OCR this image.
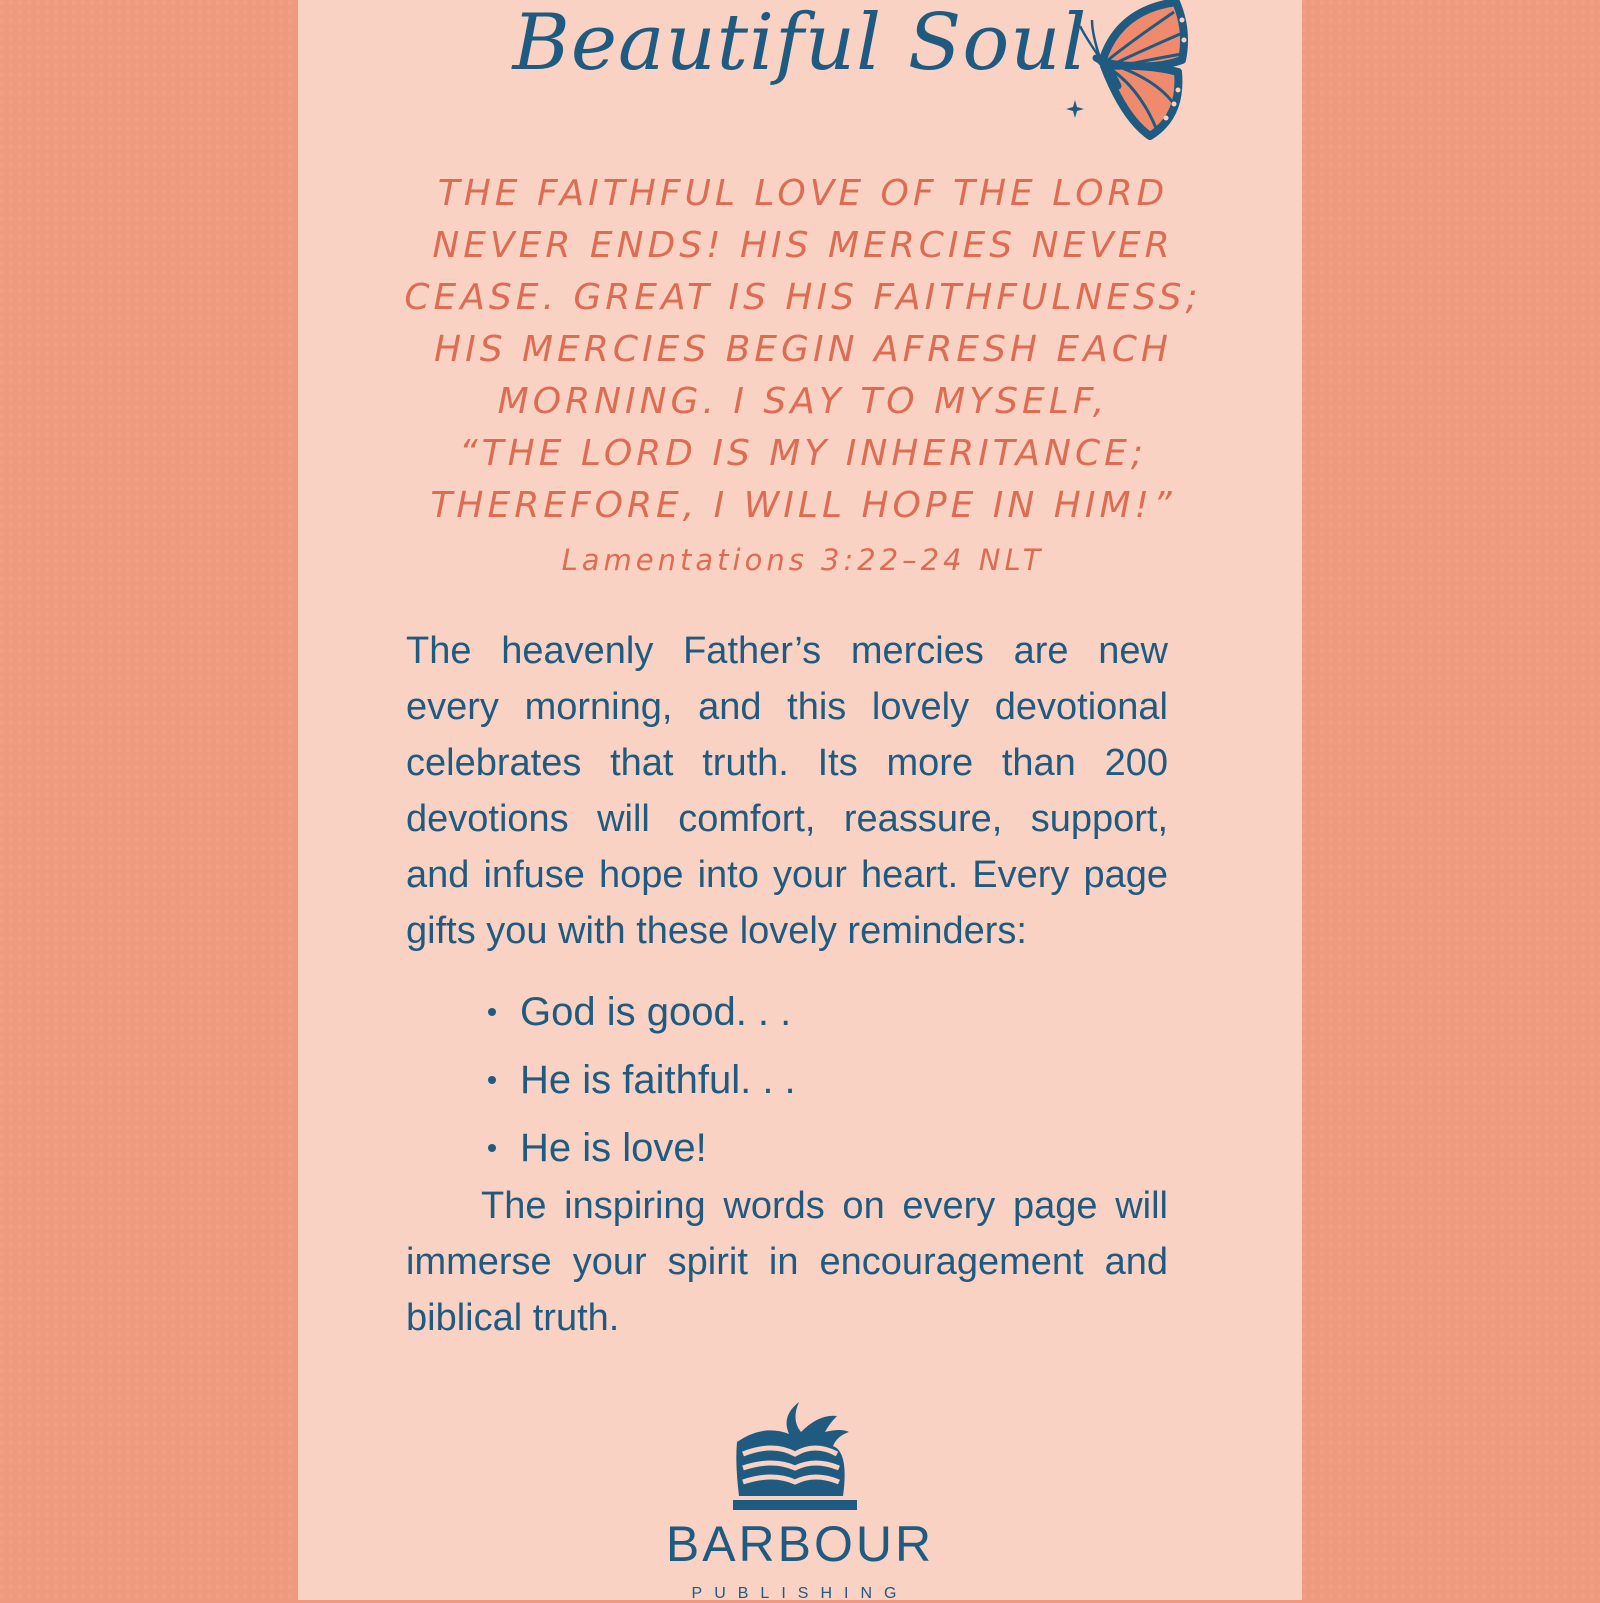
Beautiful Soul
THE FAITHFUL LOVE OF THE LORD
NEVER ENDS! HIS MERCIES NEVER
CEASE. GREAT IS HIS FAITHFULNESS;
HIS MERCIES BEGIN AFRESH EACH
MORNING. I SAY TO MYSELF,
“THE LORD IS MY INHERITANCE;
THEREFORE, I WILL HOPE IN HIM!”
Lamentations 3:22–24 NLT
The heavenly Father’s mercies are new every morning, and this lovely devotional celebrates that truth. Its more than 200 devotions will comfort, reassure, support, and infuse hope into your heart. Every page gifts you with these lovely reminders:
God is good. . .
He is faithful. . .
He is love!
The inspiring words on every page will immerse your spirit in encouragement and biblical truth.
BARBOUR
PUBLISHING
